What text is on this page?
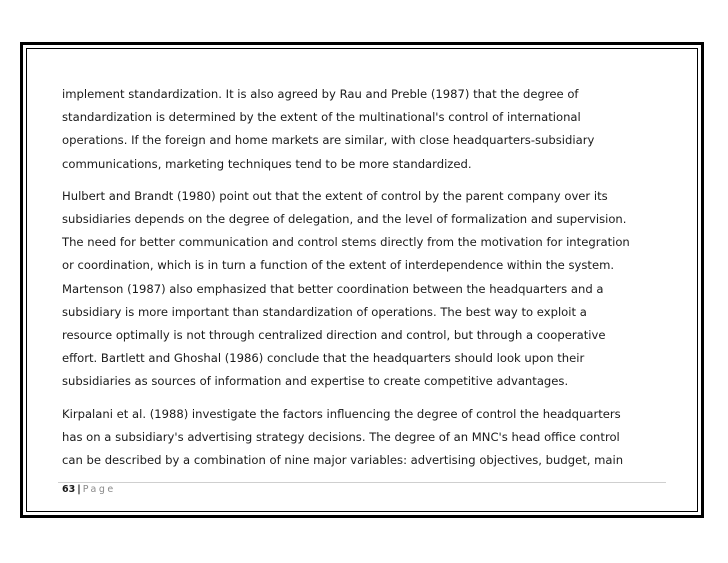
implement standardization. It is also agreed by Rau and Preble (1987) that the degree of
standardization is determined by the extent of the multinational's control of international
operations. If the foreign and home markets are similar, with close headquarters-subsidiary
communications, marketing techniques tend to be more standardized.

Hulbert and Brandt (1980) point out that the extent of control by the parent company over its
subsidiaries depends on the degree of delegation, and the level of formalization and supervision.
The need for better communication and control stems directly from the motivation for integration
or coordination, which is in turn a function of the extent of interdependence within the system.
Martenson (1987) also emphasized that better coordination between the headquarters and a
subsidiary is more important than standardization of operations. The best way to exploit a
resource optimally is not through centralized direction and control, but through a cooperative
effort. Bartlett and Ghoshal (1986) conclude that the headquarters should look upon their
subsidiaries as sources of information and expertise to create competitive advantages.

Kirpalani et al. (1988) investigate the factors influencing the degree of control the headquarters
has on a subsidiary's advertising strategy decisions. The degree of an MNC's head office control
can be described by a combination of nine major variables: advertising objectives, budget, main

63 | Page
